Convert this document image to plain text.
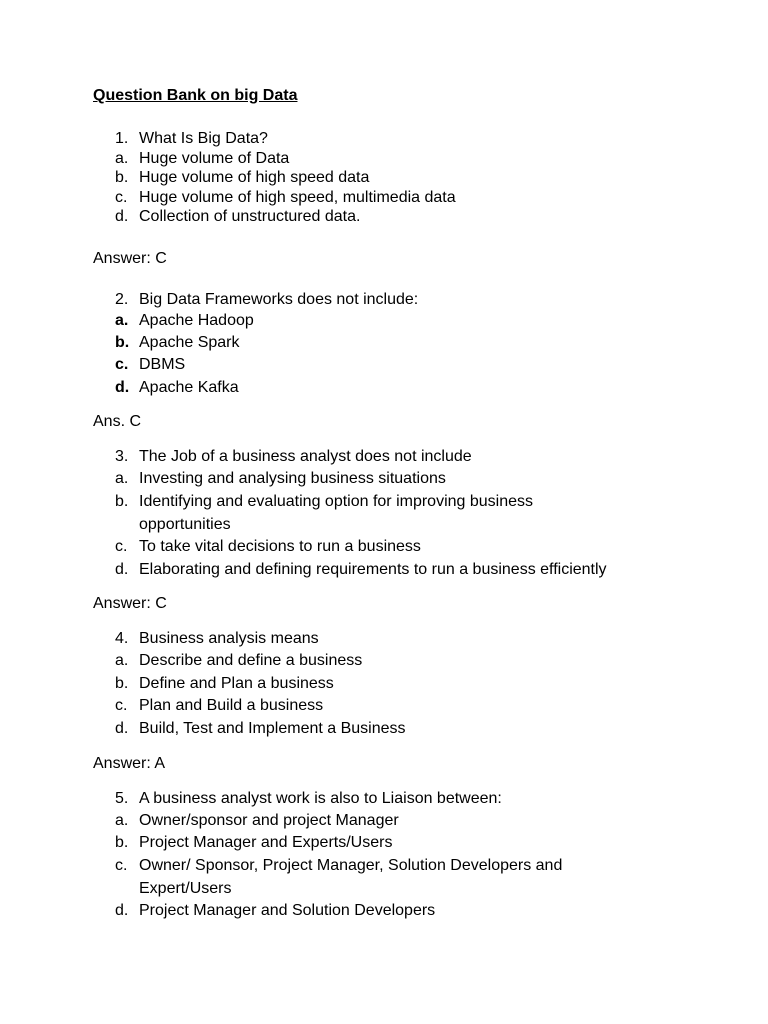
Question Bank on big Data
1. What Is Big Data?
a. Huge volume of Data
b. Huge volume of high speed data
c. Huge volume of high speed, multimedia data
d. Collection of unstructured data.
Answer: C
2. Big Data Frameworks does not include:
a. Apache Hadoop
b. Apache Spark
c. DBMS
d. Apache Kafka
Ans. C
3. The Job of a business analyst does not include
a. Investing and analysing business situations
b. Identifying and evaluating option for improving business
opportunities
c. To take vital decisions to run a business
d. Elaborating and defining requirements to run a business efficiently
Answer: C
4. Business analysis means
a. Describe and define a business
b. Define and Plan a business
c. Plan and Build a business
d. Build, Test and Implement a Business
Answer: A
5. A business analyst work is also to Liaison between:
a. Owner/sponsor and project Manager
b. Project Manager and Experts/Users
c. Owner/ Sponsor, Project Manager, Solution Developers and
Expert/Users
d. Project Manager and Solution Developers
